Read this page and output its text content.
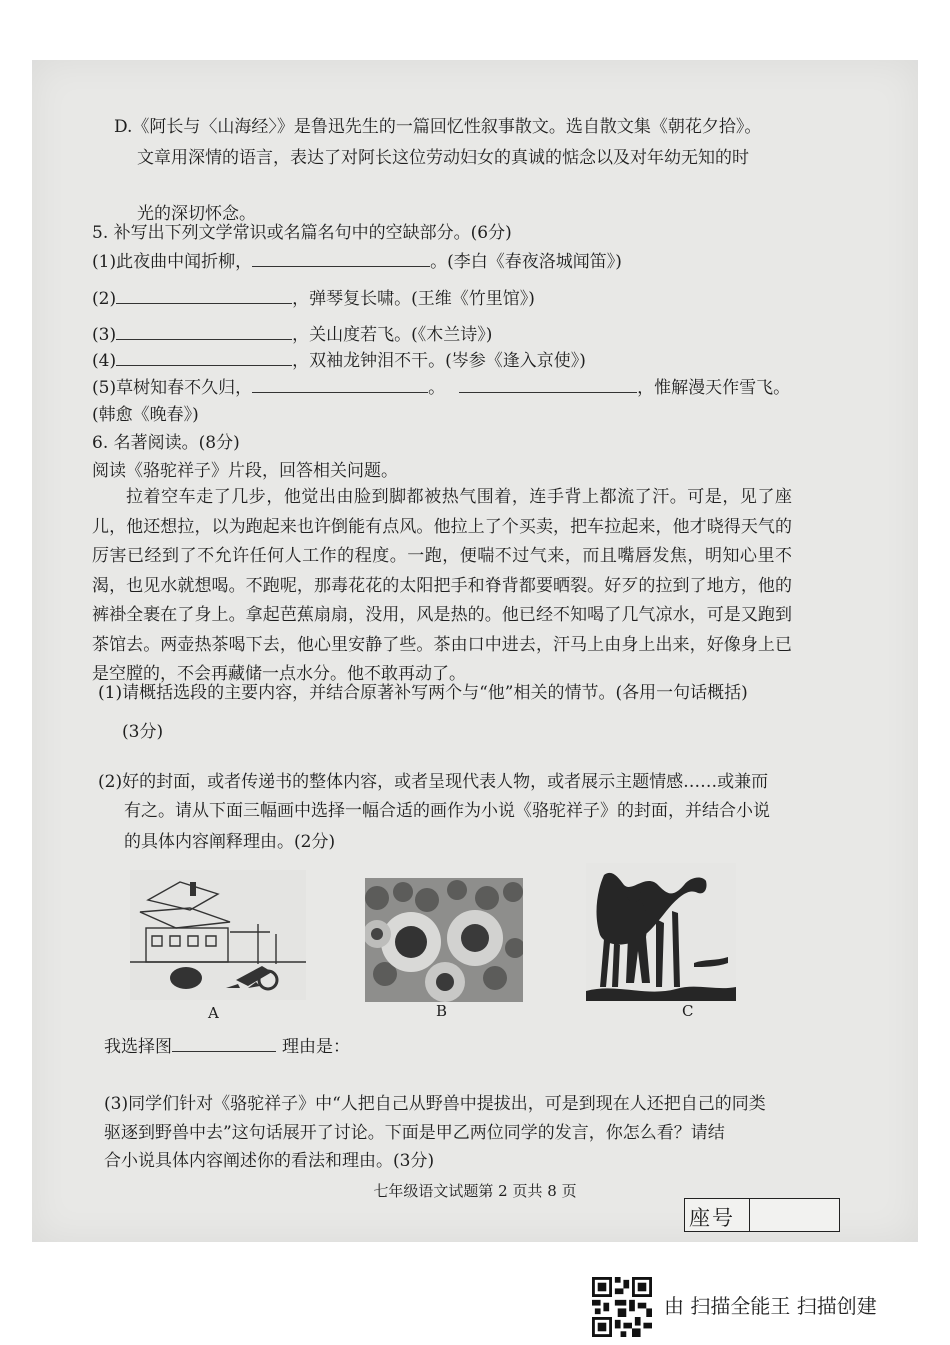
D.《阿长与〈山海经〉》是鲁迅先生的一篇回忆性叙事散文。选自散文集《朝花夕拾》。
文章用深情的语言，表达了对阿长这位劳动妇女的真诚的惦念以及对年幼无知的时
光的深切怀念。
5. 补写出下列文学常识或名篇名句中的空缺部分。(6分)
(1)此夜曲中闻折柳，	。(李白《春夜洛城闻笛》)
(2)	，弹琴复长啸。(王维《竹里馆》)
(3)	，关山度若飞。(《木兰诗》)
(4)	，双袖龙钟泪不干。(岑参《逢入京使》)
(5)草树知春不久归，	。	，惟解漫天作雪飞。
(韩愈《晚春》)
6. 名著阅读。(8分)
阅读《骆驼祥子》片段，回答相关问题。
拉着空车走了几步，他觉出由脸到脚都被热气围着，连手背上都流了汗。可是，见了座儿，他还想拉，以为跑起来也许倒能有点风。他拉上了个买卖，把车拉起来，他才晓得天气的厉害已经到了不允许任何人工作的程度。一跑，便喘不过气来，而且嘴唇发焦，明知心里不渴，也见水就想喝。不跑呢，那毒花花的太阳把手和脊背都要晒裂。好歹的拉到了地方，他的裤褂全裹在了身上。拿起芭蕉扇扇，没用，风是热的。他已经不知喝了几气凉水，可是又跑到茶馆去。两壶热茶喝下去，他心里安静了些。茶由口中进去，汗马上由身上出来，好像身上已是空膛的，不会再藏储一点水分。他不敢再动了。
(1)请概括选段的主要内容，并结合原著补写两个与“他”相关的情节。(各用一句话概括)
(3分)
(2)好的封面，或者传递书的整体内容，或者呈现代表人物，或者展示主题情感……或兼而
有之。请从下面三幅画中选择一幅合适的画作为小说《骆驼祥子》的封面，并结合小说
的具体内容阐释理由。(2分)
A	B	C
我选择图	理由是：
(3)同学们针对《骆驼祥子》中“人把自己从野兽中提拔出，可是到现在人还把自己的同类
驱逐到野兽中去”这句话展开了讨论。下面是甲乙两位同学的发言，你怎么看？请结
合小说具体内容阐述你的看法和理由。(3分)
七年级语文试题第 2 页共 8 页
座号
由 扫描全能王 扫描创建
